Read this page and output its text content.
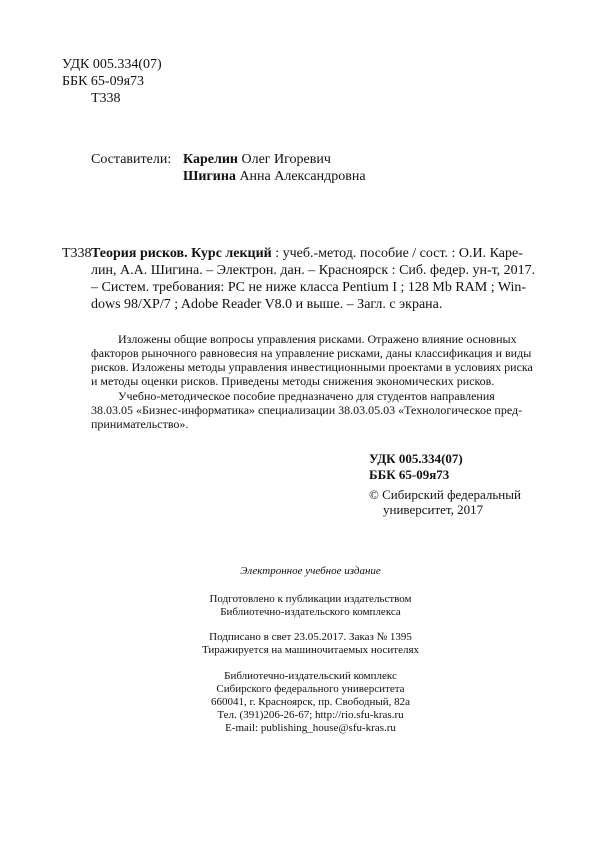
УДК 005.334(07)
ББК 65-09я73
Т338
Составители: Карелин Олег Игоревич
Шигина Анна Александровна
Т338 Теория рисков. Курс лекций : учеб.-метод. пособие / сост. : О.И. Каре-
лин, А.А. Шигина. – Электрон. дан. – Красноярск : Сиб. федер. ун-т, 2017.
– Систем. требования: PC не ниже класса Pentium I ; 128 Mb RAM ; Win-
dows 98/XP/7 ; Adobe Reader V8.0 и выше. – Загл. с экрана.
Изложены общие вопросы управления рисками. Отражено влияние основных
факторов рыночного равновесия на управление рисками, даны классификация и виды
рисков. Изложены методы управления инвестиционными проектами в условиях риска
и методы оценки рисков. Приведены методы снижения экономических рисков.
Учебно-методическое пособие предназначено для студентов направления
38.03.05 «Бизнес-информатика» специализации 38.03.05.03 «Технологическое пред-
принимательство».
УДК 005.334(07)
ББК 65-09я73
© Сибирский федеральный
университет, 2017
Электронное учебное издание
Подготовлено к публикации издательством
Библиотечно-издательского комплекса
Подписано в свет 23.05.2017. Заказ № 1395
Тиражируется на машиночитаемых носителях
Библиотечно-издательский комплекс
Сибирского федерального университета
660041, г. Красноярск, пр. Свободный, 82а
Тел. (391)206-26-67; http://rio.sfu-kras.ru
E-mail: publishing_house@sfu-kras.ru
